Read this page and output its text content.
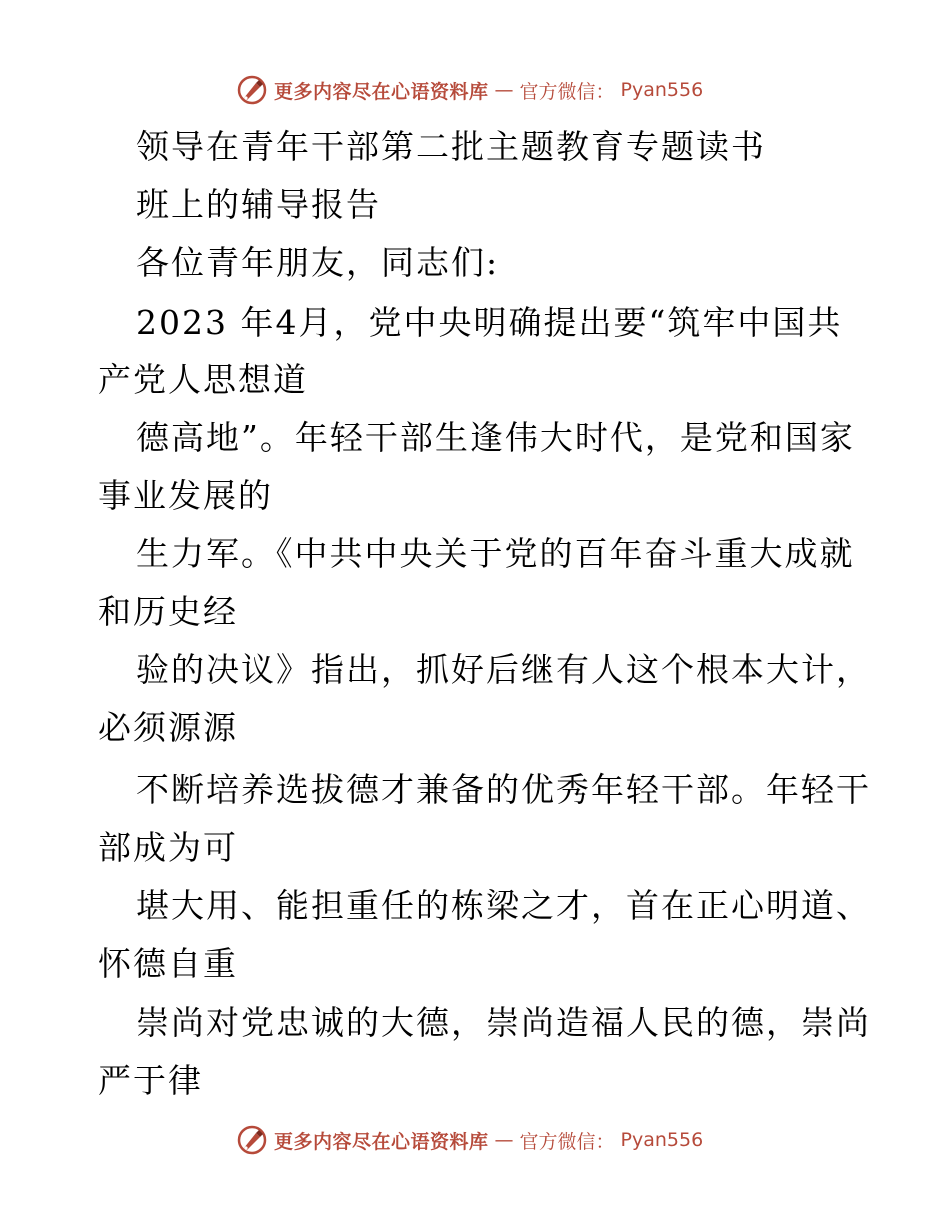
更多内容尽在心语资料库 — 官方微信： Pyan556
领导在青年干部第二批主题教育专题读书
班上的辅导报告
各位青年朋友，同志们:
2023 年4月，党中央明确提出要“筑牢中国共
产党人思想道
德高地”。年轻干部生逢伟大时代，是党和国家
事业发展的
生力军。《中共中央关于党的百年奋斗重大成就
和历史经
验的决议》指出，抓好后继有人这个根本大计，
必须源源
不断培养选拔德才兼备的优秀年轻干部。年轻干
部成为可
堪大用、能担重任的栋梁之才，首在正心明道、
怀德自重
崇尚对党忠诚的大德，崇尚造福人民的德，崇尚
严于律
更多内容尽在心语资料库 — 官方微信： Pyan556
